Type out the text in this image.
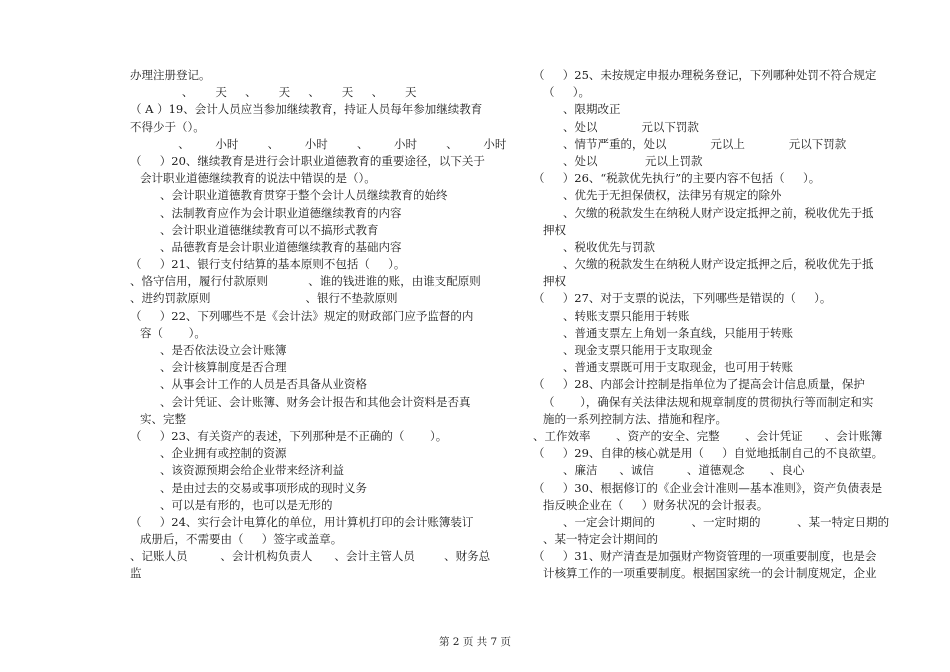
办理注册登记。
、      天     、      天     、      天     、      天
（ A ）19、会计人员应当参加继续教育，持证人员每年参加继续教育
不得少于（）。
、       小时        、       小时        、       小时        、       小时
（     ）20、继续教育是进行会计职业道德教育的重要途径，以下关于
会计职业道德继续教育的说法中错误的是（）。
、会计职业道德教育贯穿于整个会计人员继续教育的始终
、法制教育应作为会计职业道德继续教育的内容
、会计职业道德继续教育可以不搞形式教育
、品德教育是会计职业道德继续教育的基础内容
（     ）21、银行支付结算的基本原则不包括（     ）。
、恪守信用，履行付款原则           、谁的钱进谁的账，由谁支配原则
、进约罚款原则                          、银行不垫款原则
（     ）22、下列哪些不是《会计法》规定的财政部门应予监督的内
容（       ）。
、是否依法设立会计账簿
、会计核算制度是否合理
、从事会计工作的人员是否具备从业资格
、会计凭证、会计账簿、财务会计报告和其他会计资料是否真
实、完整
（     ）23、有关资产的表述，下列那种是不正确的（       ）。
、企业拥有或控制的资源
、该资源预期会给企业带来经济利益
、是由过去的交易或事项形成的现时义务
、可以是有形的，也可以是无形的
（     ）24、实行会计电算化的单位，用计算机打印的会计账簿装订
成册后，不需要由（     ）签字或盖章。
、记账人员         、会计机构负责人      、会计主管人员        、财务总
监
（     ）25、未按规定申报办理税务登记，下列哪种处罚不符合规定
（     ）。
、限期改正
、处以            元以下罚款
、情节严重的，处以            元以上            元以下罚款
、处以             元以上罚款
（     ）26、“税款优先执行”的主要内容不包括（     ）。
、优先于无担保债权，法律另有规定的除外
、欠缴的税款发生在纳税人财产设定抵押之前，税收优先于抵
押权
、税收优先与罚款
、欠缴的税款发生在纳税人财产设定抵押之后，税收优先于抵
押权
（     ）27、对于支票的说法，下列哪些是错误的（     ）。
、转账支票只能用于转账
、普通支票左上角划一条直线，只能用于转账
、现金支票只能用于支取现金
、普通支票既可用于支取现金，也可用于转账
（     ）28、内部会计控制是指单位为了提高会计信息质量，保护
（       ），确保有关法律法规和规章制度的贯彻执行等而制定和实
施的一系列控制方法、措施和程序。
、工作效率       、资产的安全、完整       、会计凭证      、会计账簿
（     ）29、自律的核心就是用（     ）自觉地抵制自己的不良欲望。
、廉洁      、诚信         、道德观念       、良心
（     ）30、根据修订的《企业会计准则—基本准则》，资产负债表是
指反映企业在（     ）财务状况的会计报表。
、一定会计期间的          、一定时期的          、某一特定日期的
、某一特定会计期间的
（     ）31、财产清查是加强财产物资管理的一项重要制度，也是会
计核算工作的一项重要制度。根据国家统一的会计制度规定，企业
第 2 页 共 7 页
